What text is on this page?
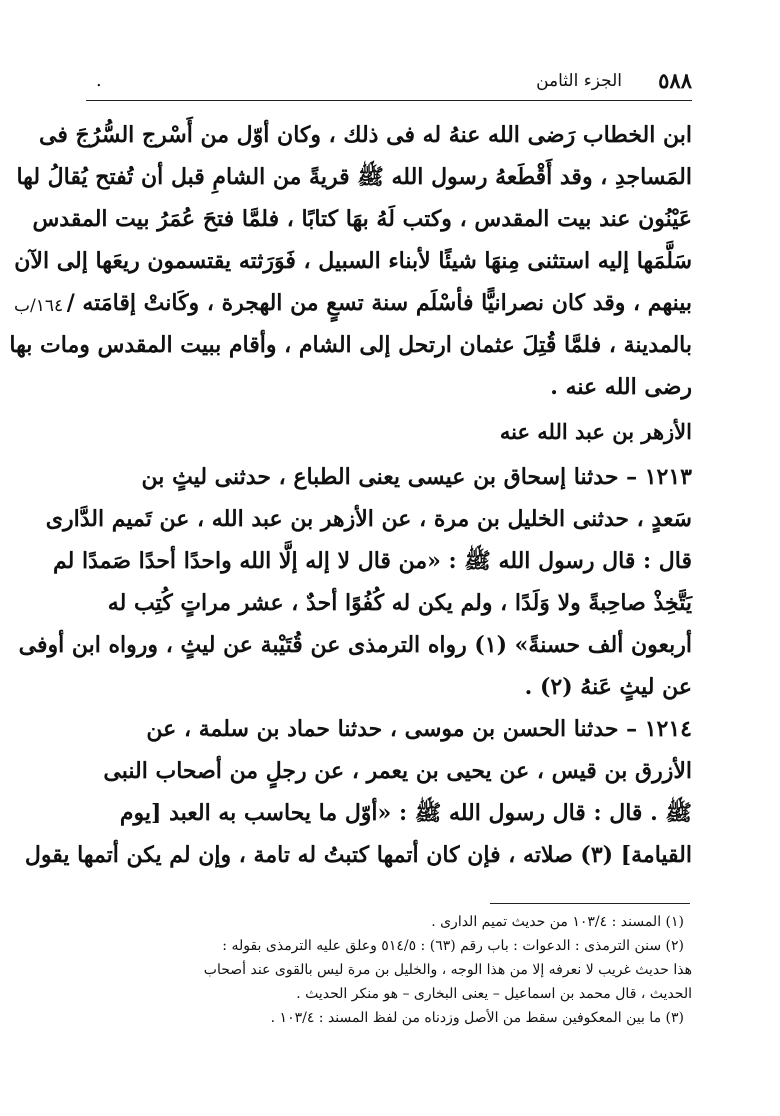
٥٨٨
الجزء الثامن
.
١٦٤/ب
ابن الخطاب رَضى الله عنهُ له فى ذلك ، وكان أوّل من أَسْرج السُّرُجَ فى
المَساجدِ ، وقد أَقْطَعهُ رسول الله ﷺ قريةً من الشامِ قبل أن تُفتح يُقالُ لها
عَيْنُون عند بيت المقدس ، وكتب لَهُ بهَا كتابًا ، فلمَّا فتحَ عُمَرُ بيت المقدس
سَلَّمَها إليه استثنى مِنهَا شيئًا لأبناء السبيل ، فَوَرَثته يقتسمون ريعَها إلى الآن
بينهم ، وقد كان نصرانيًّا فأسْلَم سنة تسعٍ من الهجرة ، وكَانتْ إقامَته /
بالمدينة ، فلمَّا قُتِلَ عثمان ارتحل إلى الشام ، وأقام ببيت المقدس ومات بها
رضى الله عنه .
الأزهر بن عبد الله عنه
١٢١٣ – حدثنا إسحاق بن عيسى يعنى الطباع ، حدثنى ليثٍ بن
سَعدٍ ، حدثنى الخليل بن مرة ، عن الأزهر بن عبد الله ، عن تَميم الدَّارى
قال : قال رسول الله ﷺ : «من قال لا إله إلَّا الله واحدًا أحدًا صَمدًا لم
يَتَّخِذْ صاحِبةً ولا وَلَدًا ، ولم يكن له كُفُوًا أحدٌ ، عشر مراتٍ كُتِب له
أربعون ألف حسنةً» (١) رواه الترمذى عن قُتَيْبة عن ليثٍ ، ورواه ابن أوفى
عن ليثٍ عَنهُ (٢) .
١٢١٤ – حدثنا الحسن بن موسى ، حدثنا حماد بن سلمة ، عن
الأزرق بن قيس ، عن يحيى بن يعمر ، عن رجلٍ من أصحاب النبى
ﷺ . قال : قال رسول الله ﷺ : «أوّل ما يحاسب به العبد [يوم
القيامة] (٣) صلاته ، فإن كان أتمها كتبتُ له تامة ، وإن لم يكن أتمها يقول
(١) المسند : ١٠٣/٤ من حديث تميم الدارى .
(٢) سنن الترمذى : الدعوات : باب رقم (٦٣) : ٥١٤/٥ وعلق عليه الترمذى بقوله :
هذا حديث غريب لا نعرفه إلا من هذا الوجه ، والخليل بن مرة ليس بالقوى عند أصحاب
الحديث ، قال محمد بن اسماعيل – يعنى البخارى – هو منكر الحديث .
(٣) ما بين المعكوفين سقط من الأصل وزدناه من لفظ المسند : ١٠٣/٤ .
